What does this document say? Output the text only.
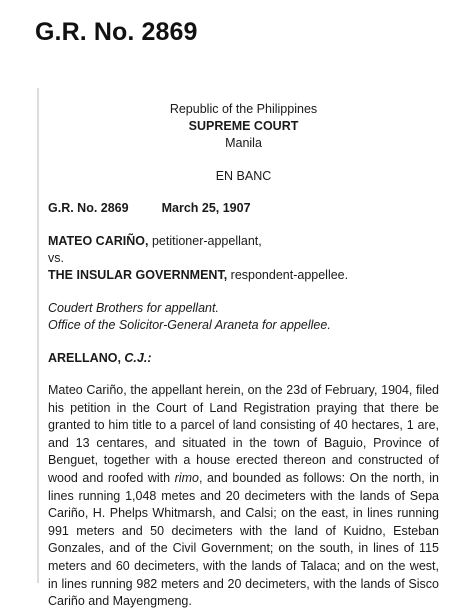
G.R. No. 2869
Republic of the Philippines
SUPREME COURT
Manila
EN BANC
G.R. No. 2869	March 25, 1907
MATEO CARIÑO, petitioner-appellant,
vs.
THE INSULAR GOVERNMENT, respondent-appellee.
Coudert Brothers for appellant.
Office of the Solicitor-General Araneta for appellee.
ARELLANO, C.J.:

Mateo Cariño, the appellant herein, on the 23d of February, 1904, filed his petition in the Court of Land Registration praying that there be granted to him title to a parcel of land consisting of 40 hectares, 1 are, and 13 centares, and situated in the town of Baguio, Province of Benguet, together with a house erected thereon and constructed of wood and roofed with rimo, and bounded as follows: On the north, in lines running 1,048 metes and 20 decimeters with the lands of Sepa Cariño, H. Phelps Whitmarsh, and Calsi; on the east, in lines running 991 meters and 50 decimeters with the land of Kuidno, Esteban Gonzales, and of the Civil Government; on the south, in lines of 115 meters and 60 decimeters, with the lands of Talaca; and on the west, in lines running 982 meters and 20 decimeters, with the lands of Sisco Cariño and Mayengmeng.
